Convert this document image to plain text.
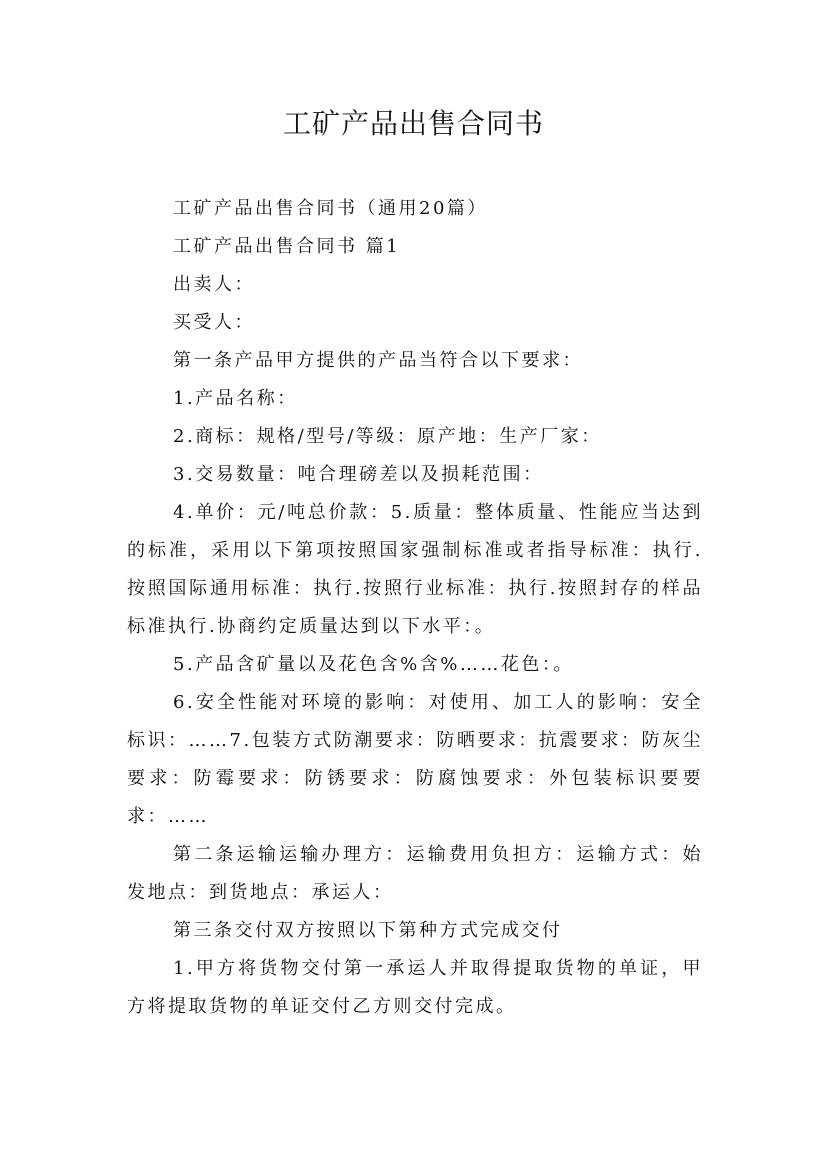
工矿产品出售合同书

工矿产品出售合同书（通用20篇）

工矿产品出售合同书 篇1

出卖人：

买受人：

第一条产品甲方提供的产品当符合以下要求：

1.产品名称：

2.商标：规格/型号/等级：原产地：生产厂家：

3.交易数量：吨合理磅差以及损耗范围：

4.单价：元/吨总价款：5.质量：整体质量、性能应当达到的标准，采用以下第项按照国家强制标准或者指导标准：执行.按照国际通用标准：执行.按照行业标准：执行.按照封存的样品标准执行.协商约定质量达到以下水平：。

5.产品含矿量以及花色含%含%……花色：。

6.安全性能对环境的影响：对使用、加工人的影响：安全标识：……7.包装方式防潮要求：防晒要求：抗震要求：防灰尘要求：防霉要求：防锈要求：防腐蚀要求：外包装标识要要求：……

第二条运输运输办理方：运输费用负担方：运输方式：始发地点：到货地点：承运人：

第三条交付双方按照以下第种方式完成交付

1.甲方将货物交付第一承运人并取得提取货物的单证，甲方将提取货物的单证交付乙方则交付完成。
